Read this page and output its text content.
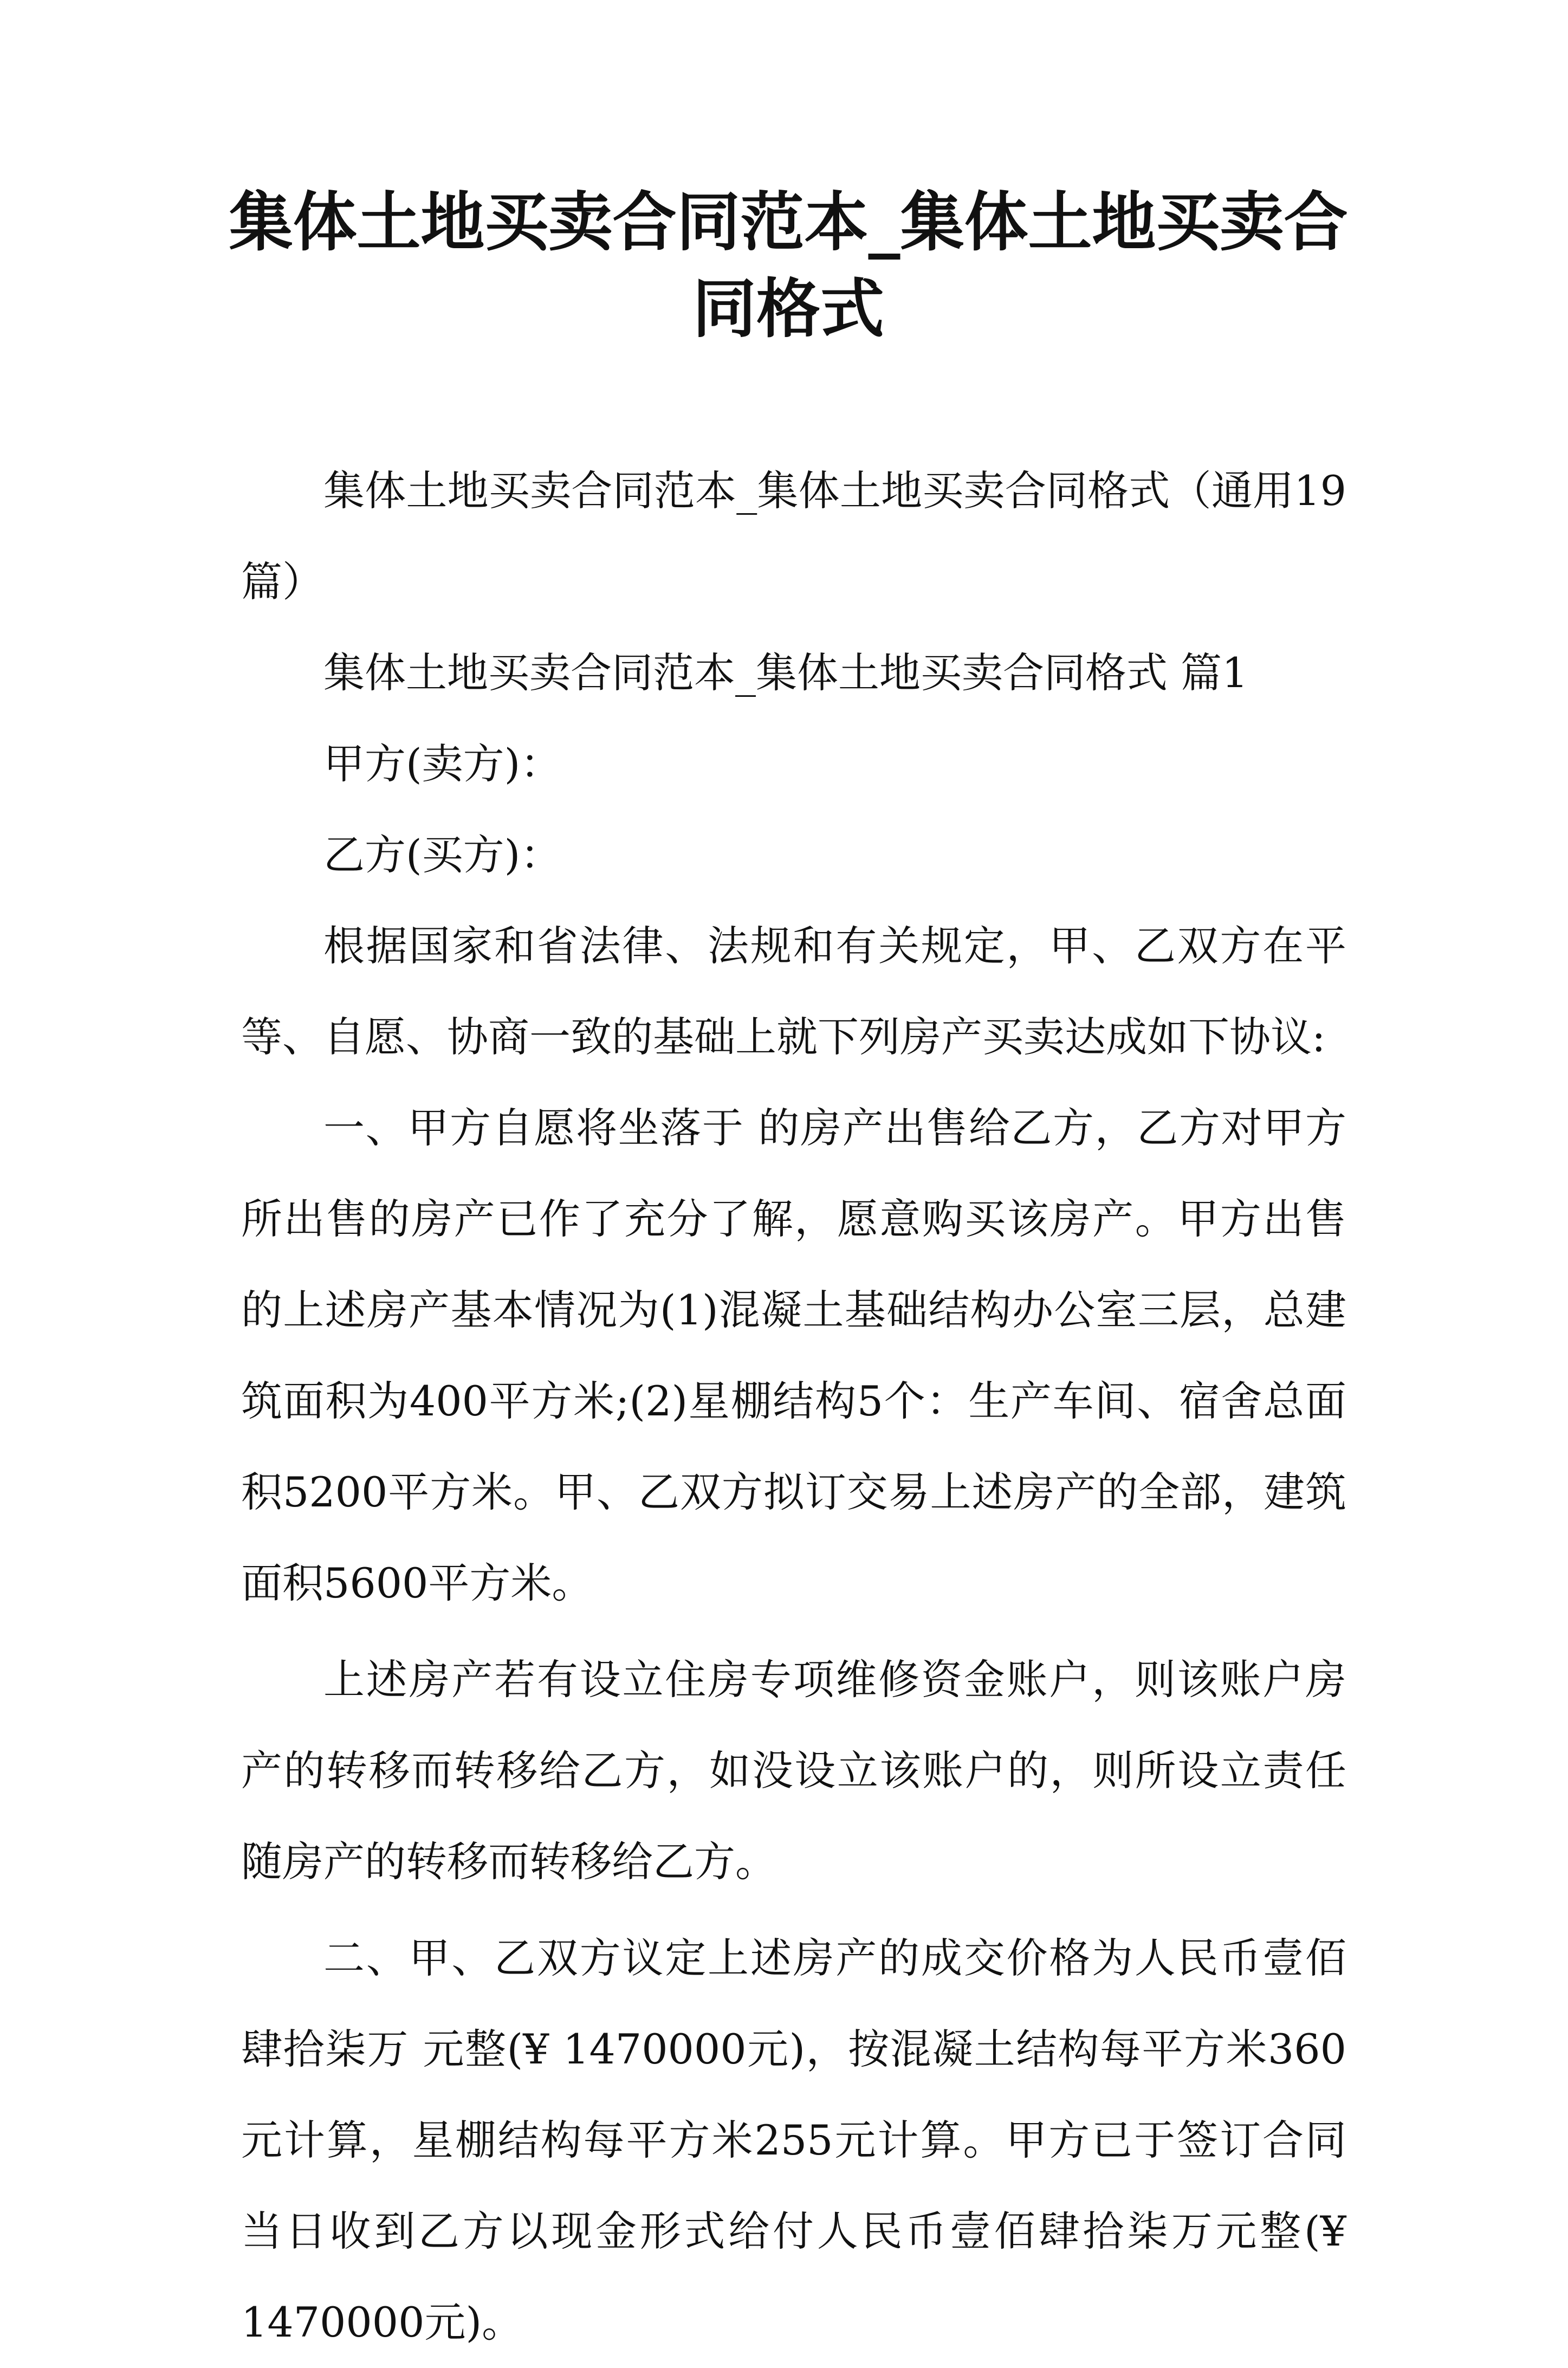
集体土地买卖合同范本_集体土地买卖合同格式

集体土地买卖合同范本_集体土地买卖合同格式（通用19篇）

集体土地买卖合同范本_集体土地买卖合同格式 篇1

甲方(卖方)：

乙方(买方)：

根据国家和省法律、法规和有关规定，甲、乙双方在平等、自愿、协商一致的基础上就下列房产买卖达成如下协议:

一、甲方自愿将坐落于 的房产出售给乙方，乙方对甲方所出售的房产已作了充分了解，愿意购买该房产。甲方出售的上述房产基本情况为(1)混凝土基础结构办公室三层，总建筑面积为400平方米;(2)星棚结构5个：生产车间、宿舍总面积5200平方米。甲、乙双方拟订交易上述房产的全部，建筑面积5600平方米。

上述房产若有设立住房专项维修资金账户，则该账户房产的转移而转移给乙方，如没设立该账户的，则所设立责任随房产的转移而转移给乙方。

二、甲、乙双方议定上述房产的成交价格为人民币壹佰肆拾柒万 元整(¥ 1470000元)，按混凝土结构每平方米360元计算，星棚结构每平方米255元计算。甲方已于签订合同当日收到乙方以现金形式给付人民币壹佰肆拾柒万元整(¥ 1470000元)。
